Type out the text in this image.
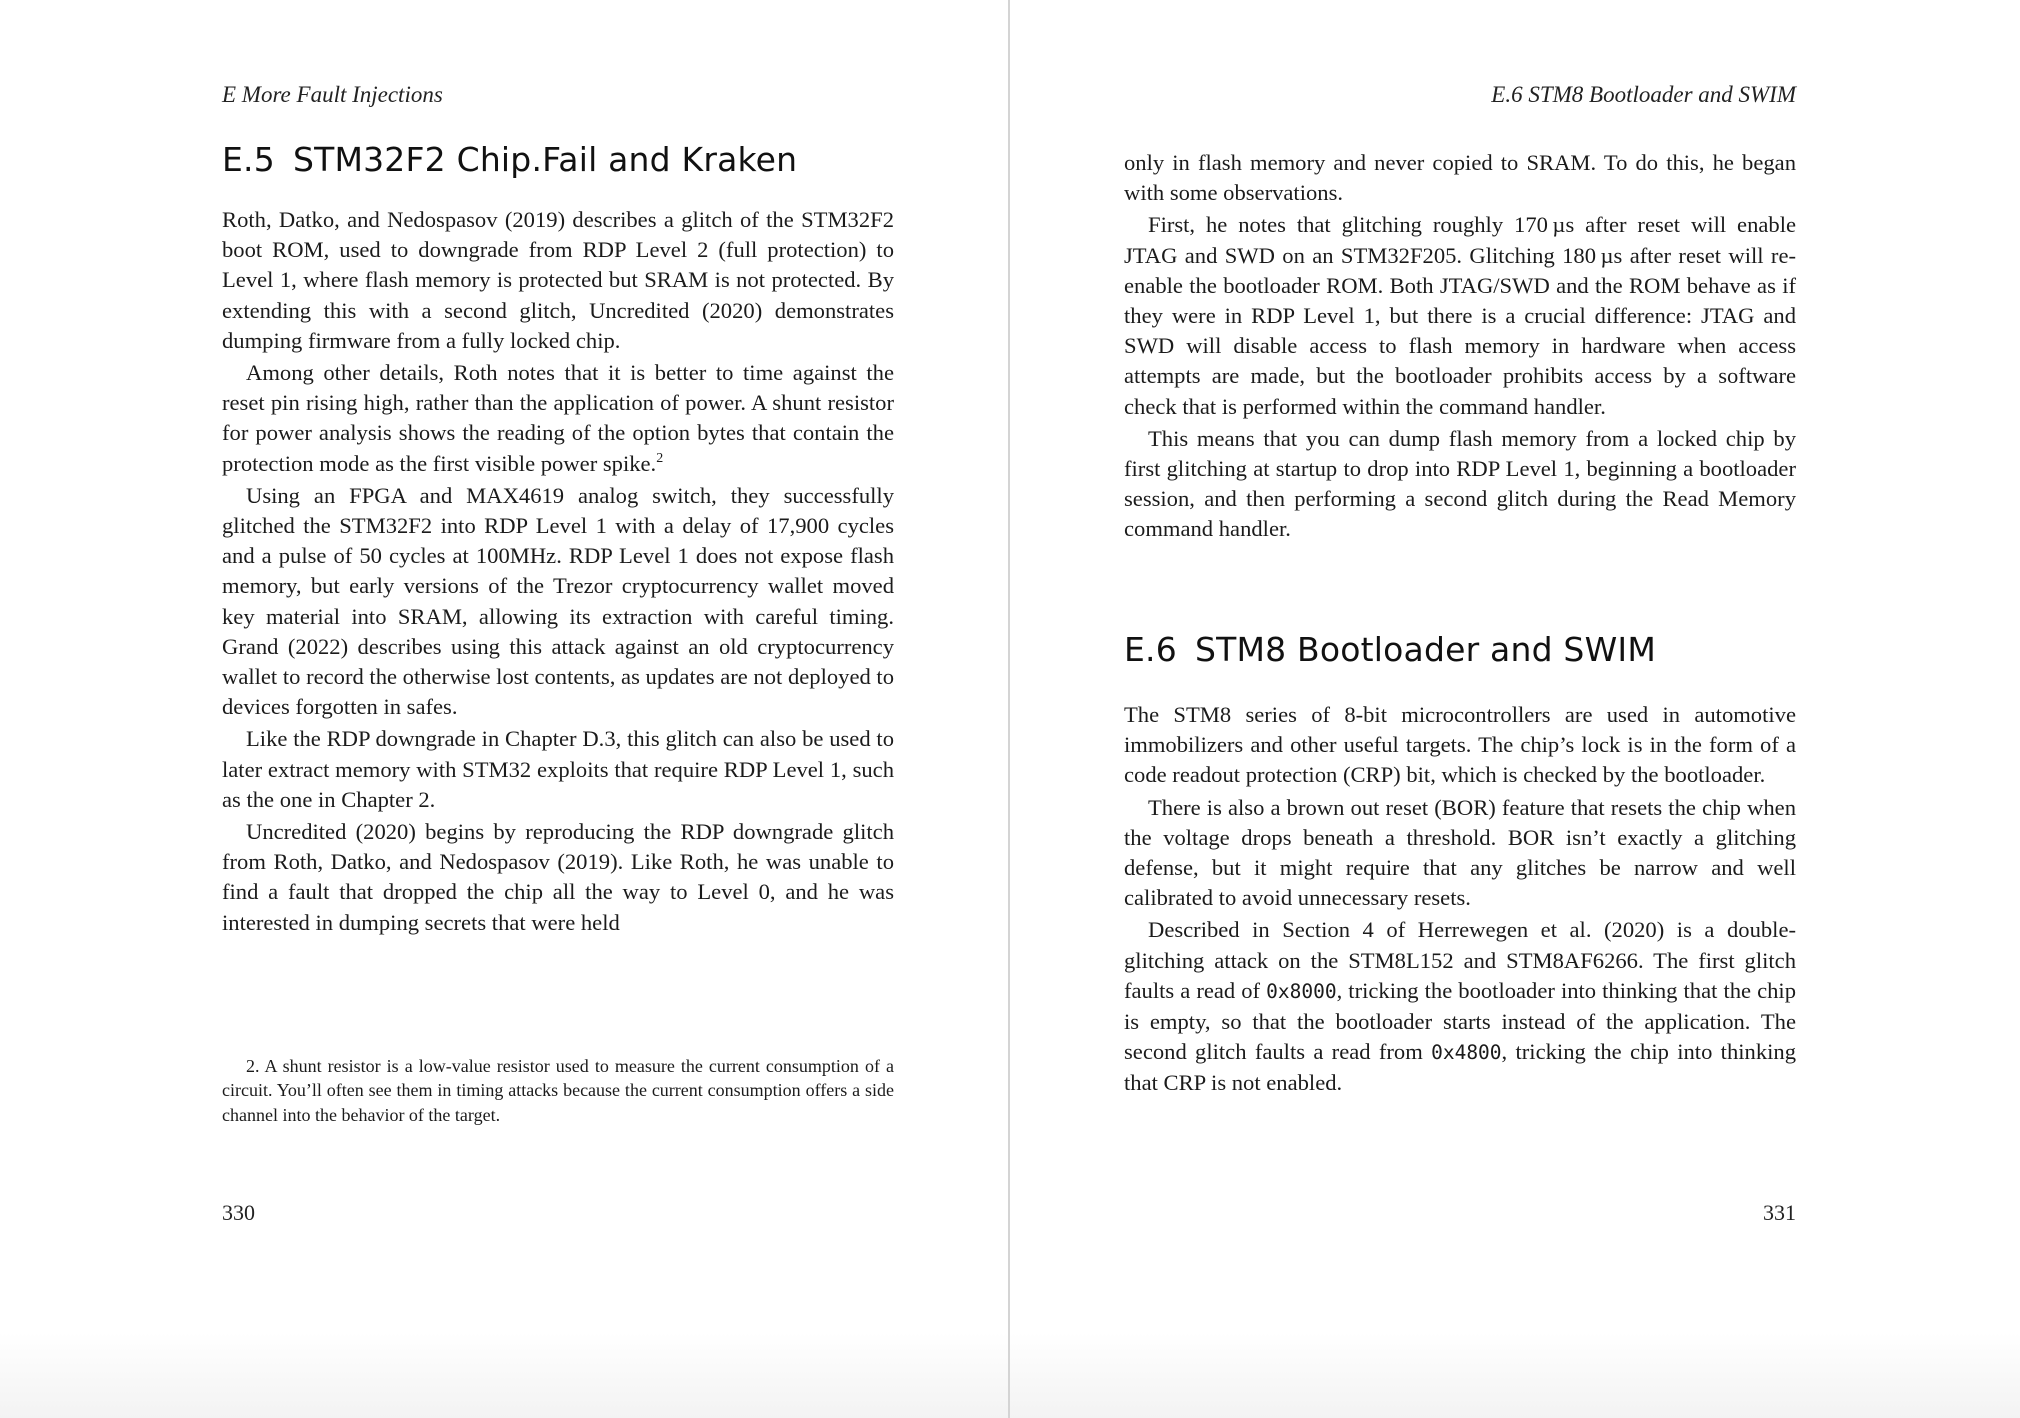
E More Fault Injections
E.5 STM32F2 Chip.Fail and Kraken

Roth, Datko, and Nedospasov (2019) describes a glitch of the STM32F2 boot ROM, used to downgrade from RDP Level 2 (full protection) to Level 1, where flash memory is protected but SRAM is not protected. By extending this with a second glitch, Uncredited (2020) demonstrates dumping firmware from a fully locked chip.

Among other details, Roth notes that it is better to time against the reset pin rising high, rather than the application of power. A shunt resistor for power analysis shows the reading of the option bytes that contain the protection mode as the first visible power spike.$^2$

Using an FPGA and MAX4619 analog switch, they successfully glitched the STM32F2 into RDP Level 1 with a delay of 17,900 cycles and a pulse of 50 cycles at 100MHz. RDP Level 1 does not expose flash memory, but early versions of the Trezor cryptocurrency wallet moved key material into SRAM, allowing its extraction with careful timing. Grand (2022) describes using this attack against an old cryptocurrency wallet to record the otherwise lost contents, as updates are not deployed to devices forgotten in safes.

Like the RDP downgrade in Chapter D.3, this glitch can also be used to later extract memory with STM32 exploits that require RDP Level 1, such as the one in Chapter 2.

Uncredited (2020) begins by reproducing the RDP downgrade glitch from Roth, Datko, and Nedospasov (2019). Like Roth, he was unable to find a fault that dropped the chip all the way to Level 0, and he was interested in dumping secrets that were held

2. A shunt resistor is a low-value resistor used to measure the current consumption of a circuit. You’ll often see them in timing attacks because the current consumption offers a side channel into the behavior of the target.
330
E.6 STM8 Bootloader and SWIM

only in flash memory and never copied to SRAM. To do this, he began with some observations.

First, he notes that glitching roughly 170 µs after reset will enable JTAG and SWD on an STM32F205. Glitching 180 µs after reset will re-enable the bootloader ROM. Both JTAG/SWD and the ROM behave as if they were in RDP Level 1, but there is a crucial difference: JTAG and SWD will disable access to flash memory in hardware when access attempts are made, but the bootloader prohibits access by a software check that is performed within the command handler.

This means that you can dump flash memory from a locked chip by first glitching at startup to drop into RDP Level 1, beginning a bootloader session, and then performing a second glitch during the Read Memory command handler.

E.6 STM8 Bootloader and SWIM

The STM8 series of 8-bit microcontrollers are used in automotive immobilizers and other useful targets. The chip’s lock is in the form of a code readout protection (CRP) bit, which is checked by the bootloader.

There is also a brown out reset (BOR) feature that resets the chip when the voltage drops beneath a threshold. BOR isn’t exactly a glitching defense, but it might require that any glitches be narrow and well calibrated to avoid unnecessary resets.

Described in Section 4 of Herrewegen et al. (2020) is a double-glitching attack on the STM8L152 and STM8AF6266. The first glitch faults a read of 0x8000, tricking the bootloader into thinking that the chip is empty, so that the bootloader starts instead of the application. The second glitch faults a read from 0x4800, tricking the chip into thinking that CRP is not enabled.

331
